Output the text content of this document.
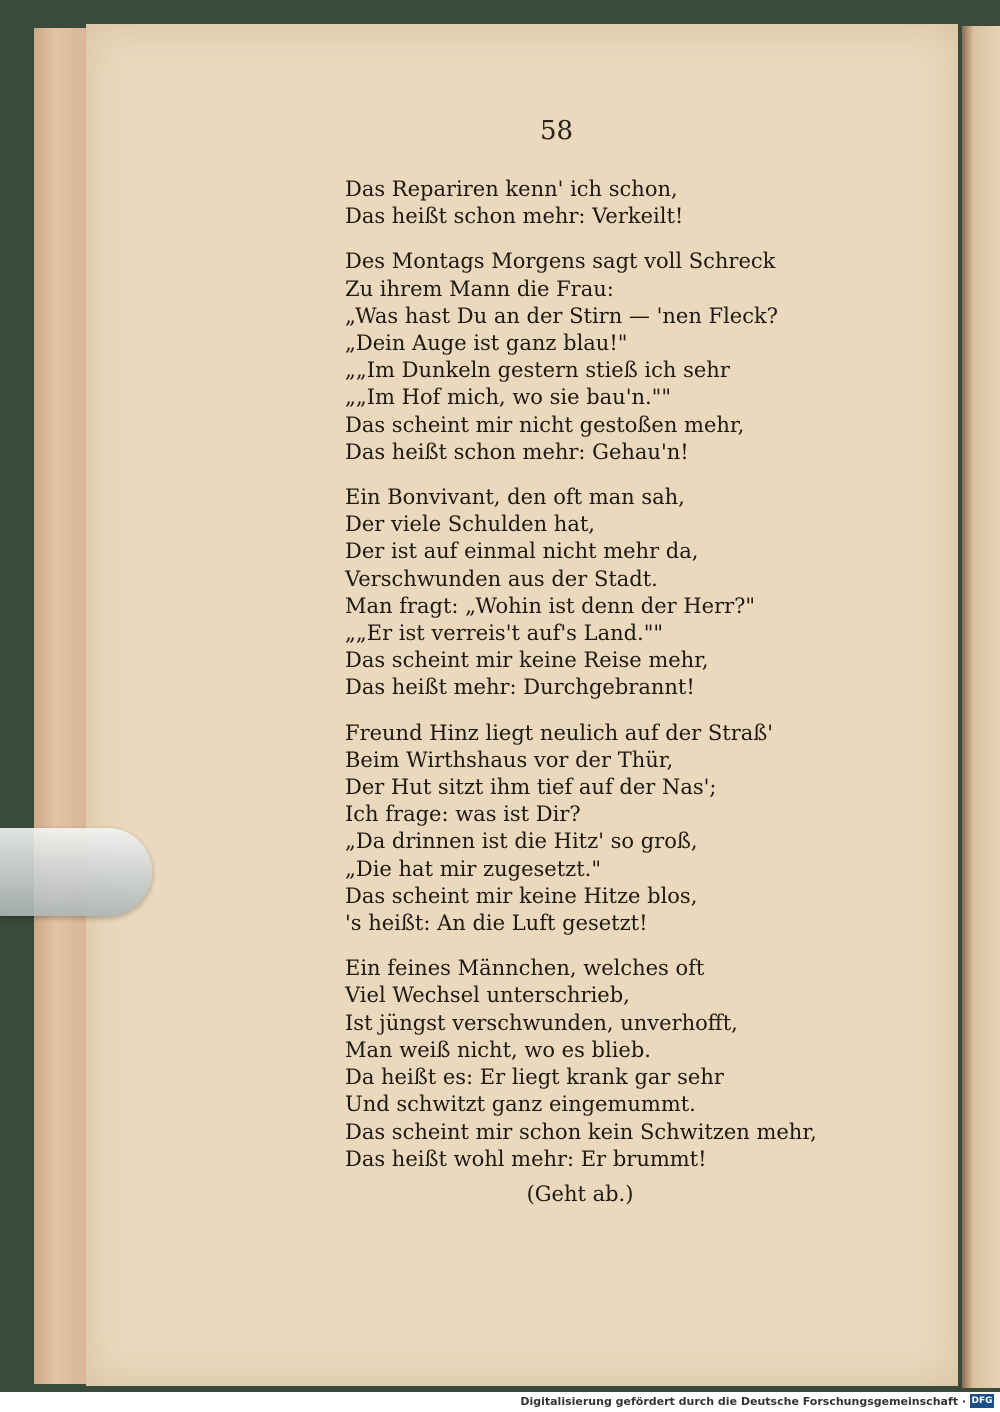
58
Das Repariren kenn' ich schon,
Das heißt schon mehr: Verkeilt!
Des Montags Morgens sagt voll Schreck
Zu ihrem Mann die Frau:
„Was hast Du an der Stirn — 'nen Fleck?
„Dein Auge ist ganz blau!"
„„Im Dunkeln gestern stieß ich sehr
„„Im Hof mich, wo sie bau'n.""
Das scheint mir nicht gestoßen mehr,
Das heißt schon mehr: Gehau'n!
Ein Bonvivant, den oft man sah,
Der viele Schulden hat,
Der ist auf einmal nicht mehr da,
Verschwunden aus der Stadt.
Man fragt: „Wohin ist denn der Herr?"
„„Er ist verreis't auf's Land.""
Das scheint mir keine Reise mehr,
Das heißt mehr: Durchgebrannt!
Freund Hinz liegt neulich auf der Straß'
Beim Wirthshaus vor der Thür,
Der Hut sitzt ihm tief auf der Nas';
Ich frage: was ist Dir?
„Da drinnen ist die Hitz' so groß,
„Die hat mir zugesetzt."
Das scheint mir keine Hitze blos,
's heißt: An die Luft gesetzt!
Ein feines Männchen, welches oft
Viel Wechsel unterschrieb,
Ist jüngst verschwunden, unverhofft,
Man weiß nicht, wo es blieb.
Da heißt es: Er liegt krank gar sehr
Und schwitzt ganz eingemummt.
Das scheint mir schon kein Schwitzen mehr,
Das heißt wohl mehr: Er brummt!
(Geht ab.)
Digitalisierung gefördert durch die Deutsche Forschungsgemeinschaft · DFG
